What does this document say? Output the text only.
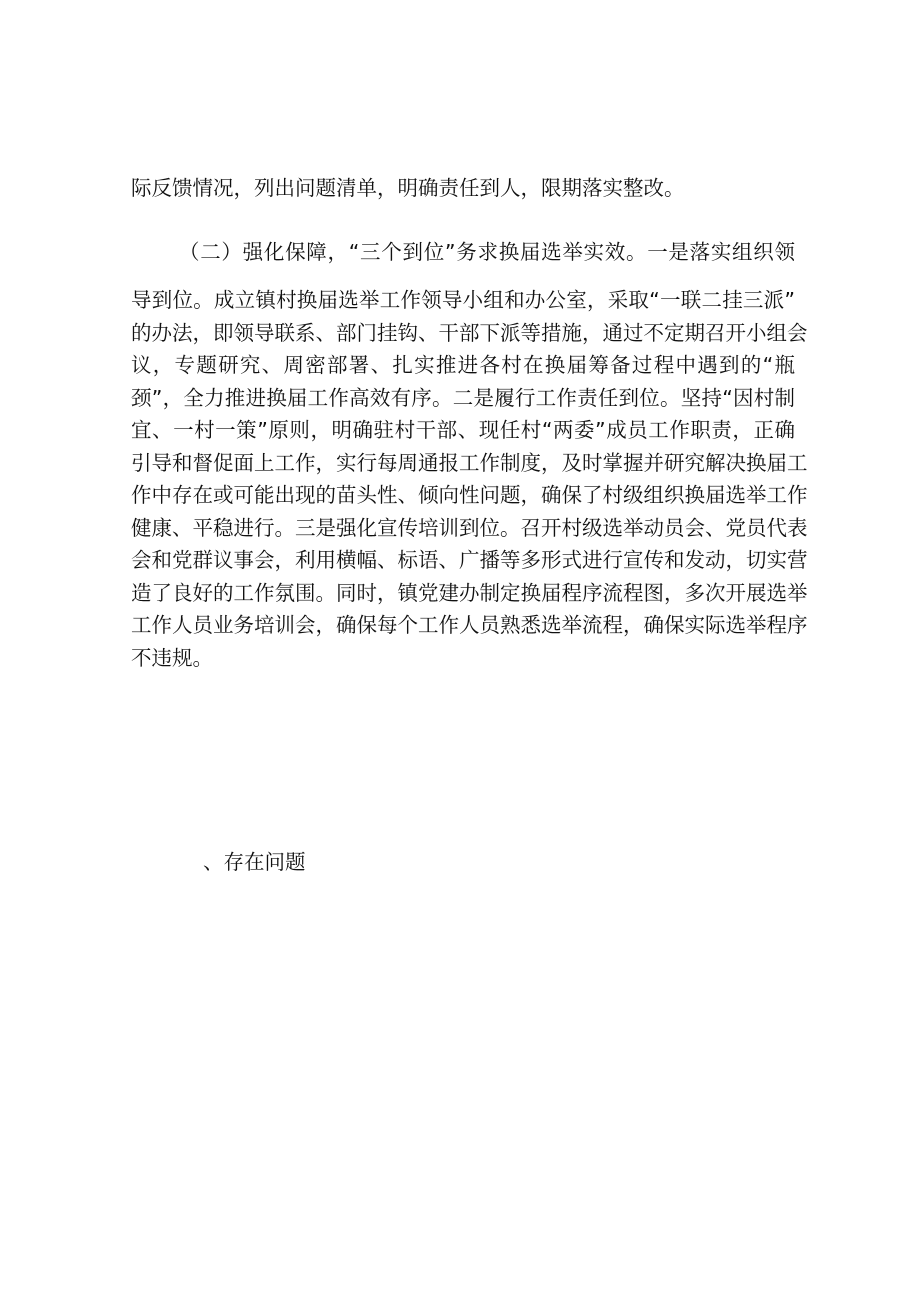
际反馈情况，列出问题清单，明确责任到人，限期落实整改。
（二）强化保障，“三个到位”务求换届选举实效。一是落实组织领
导到位。成立镇村换届选举工作领导小组和办公室，采取“一联二挂三派”
的办法，即领导联系、部门挂钩、干部下派等措施，通过不定期召开小组会
议，专题研究、周密部署、扎实推进各村在换届筹备过程中遇到的“瓶
颈”，全力推进换届工作高效有序。二是履行工作责任到位。坚持“因村制
宜、一村一策”原则，明确驻村干部、现任村“两委”成员工作职责，正确
引导和督促面上工作，实行每周通报工作制度，及时掌握并研究解决换届工
作中存在或可能出现的苗头性、倾向性问题，确保了村级组织换届选举工作
健康、平稳进行。三是强化宣传培训到位。召开村级选举动员会、党员代表
会和党群议事会，利用横幅、标语、广播等多形式进行宣传和发动，切实营
造了良好的工作氛围。同时，镇党建办制定换届程序流程图，多次开展选举
工作人员业务培训会，确保每个工作人员熟悉选举流程，确保实际选举程序
不违规。
、存在问题
